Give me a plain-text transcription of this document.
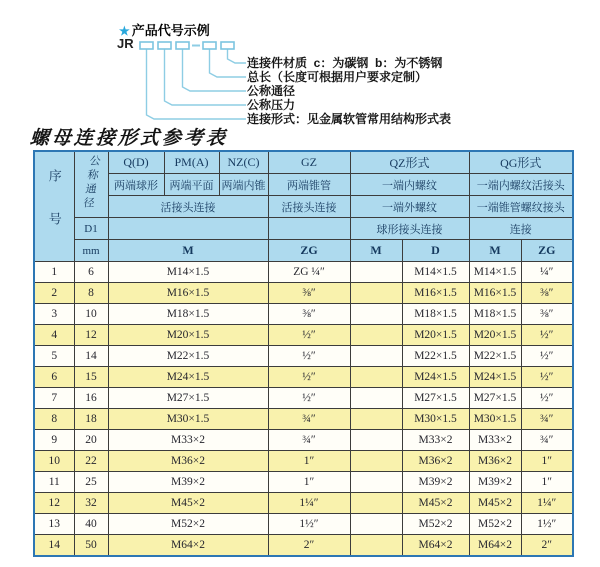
★ 产品代号示例
JR
连接件材质  c：为碳钢  b：为不锈钢
总长（长度可根据用户要求定制）
公称通径
公称压力
连接形式：见金属软管常用结构形式表
螺母连接形式参考表
序号	公称通径	Q(D)	PM(A)	NZ(C)	GZ	QZ形式		QG形式	
		两端球形	两端平面	两端内锥	两端锥管	一端内螺纹		一端内螺纹活接头	
		活接头连接			活接头连接	一端外螺纹		一端锥管螺纹接头	
	D1					球形接头连接		连接	
	mm	M			ZG	M	D	M	ZG
1	6	M14×1.5			ZG ¼″		M14×1.5	M14×1.5	¼″
2	8	M16×1.5			⅜″		M16×1.5	M16×1.5	⅜″
3	10	M18×1.5			⅜″		M18×1.5	M18×1.5	⅜″
4	12	M20×1.5			½″		M20×1.5	M20×1.5	½″
5	14	M22×1.5			½″		M22×1.5	M22×1.5	½″
6	15	M24×1.5			½″		M24×1.5	M24×1.5	½″
7	16	M27×1.5			½″		M27×1.5	M27×1.5	½″
8	18	M30×1.5			¾″		M30×1.5	M30×1.5	¾″
9	20	M33×2			¾″		M33×2	M33×2	¾″
10	22	M36×2			1″		M36×2	M36×2	1″
11	25	M39×2			1″		M39×2	M39×2	1″
12	32	M45×2			1¼″		M45×2	M45×2	1¼″
13	40	M52×2			1½″		M52×2	M52×2	1½″
14	50	M64×2			2″		M64×2	M64×2	2″
